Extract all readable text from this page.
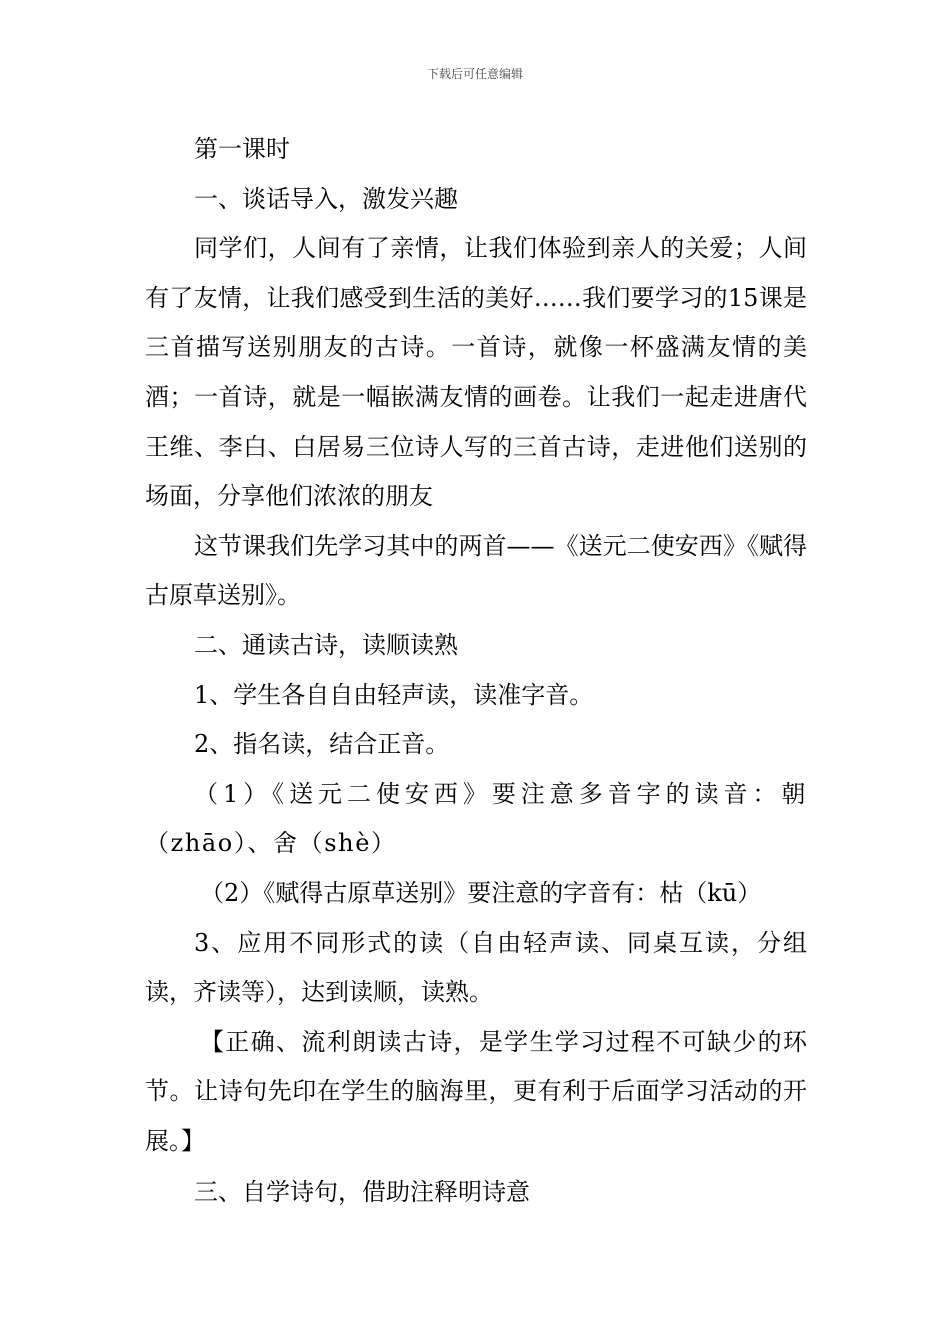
下载后可任意编辑

第一课时

一、谈话导入，激发兴趣

同学们，人间有了亲情，让我们体验到亲人的关爱；人间有了友情，让我们感受到生活的美好……我们要学习的15课是三首描写送别朋友的古诗。一首诗，就像一杯盛满友情的美酒；一首诗，就是一幅嵌满友情的画卷。让我们一起走进唐代王维、李白、白居易三位诗人写的三首古诗，走进他们送别的场面，分享他们浓浓的朋友

这节课我们先学习其中的两首——《送元二使安西》《赋得古原草送别》。

二、通读古诗，读顺读熟

1、学生各自自由轻声读，读准字音。

2、指名读，结合正音。

（1）《送元二使安西》要注意多音字的读音：朝（zhāo）、舍（shè）

（2）《赋得古原草送别》要注意的字音有：枯（kū）

3、应用不同形式的读（自由轻声读、同桌互读，分组读，齐读等），达到读顺，读熟。

【正确、流利朗读古诗，是学生学习过程不可缺少的环节。让诗句先印在学生的脑海里，更有利于后面学习活动的开展。】

三、自学诗句，借助注释明诗意
